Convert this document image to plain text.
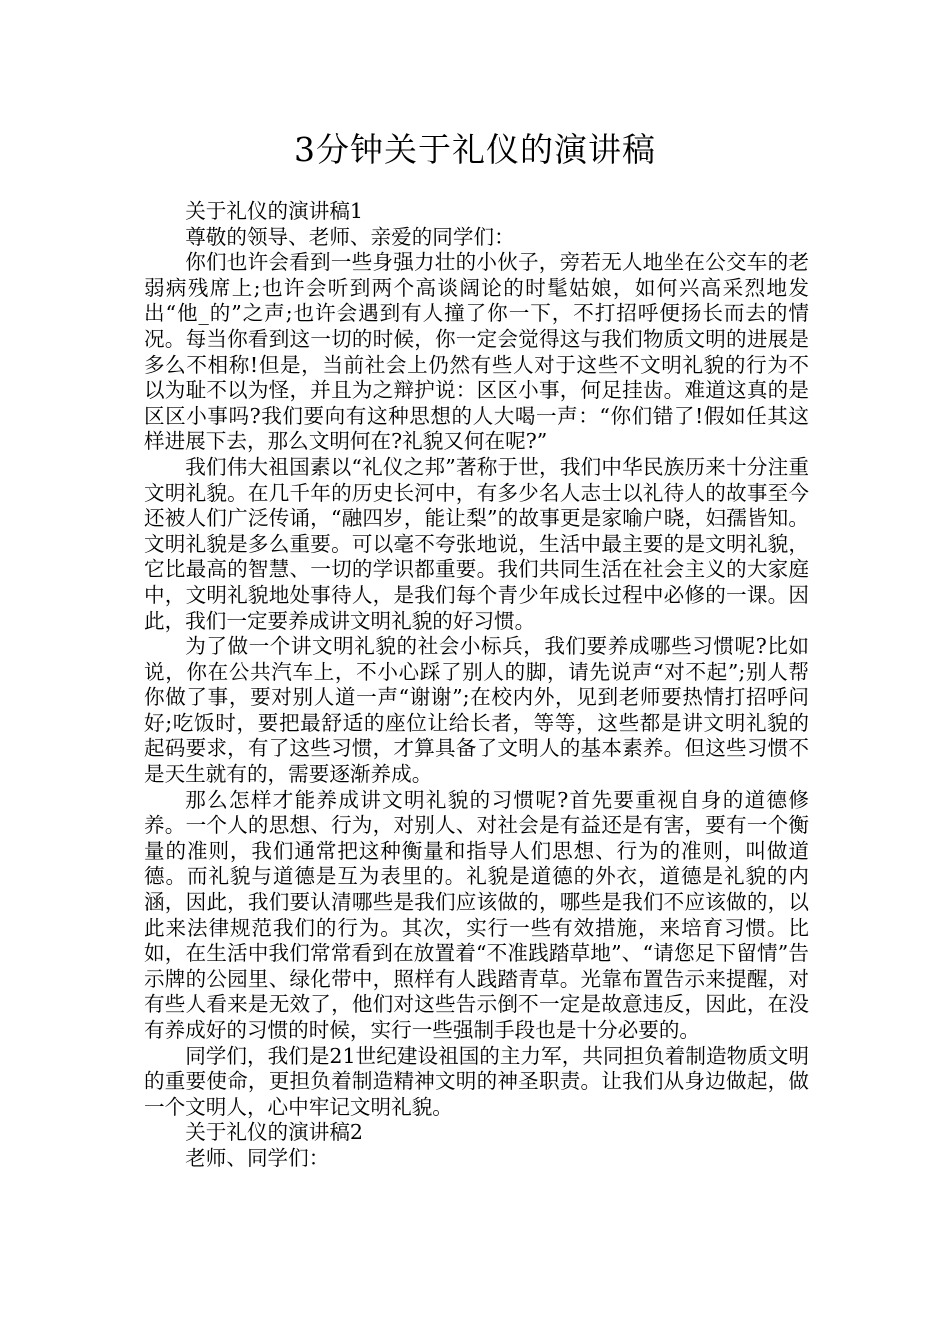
3分钟关于礼仪的演讲稿

关于礼仪的演讲稿1

尊敬的领导、老师、亲爱的同学们：

你们也许会看到一些身强力壮的小伙子，旁若无人地坐在公交车的老弱病残席上;也许会听到两个高谈阔论的时髦姑娘，如何兴高采烈地发出“他_的”之声;也许会遇到有人撞了你一下，不打招呼便扬长而去的情况。每当你看到这一切的时候，你一定会觉得这与我们物质文明的进展是多么不相称!但是，当前社会上仍然有些人对于这些不文明礼貌的行为不以为耻不以为怪，并且为之辩护说：区区小事，何足挂齿。难道这真的是区区小事吗?我们要向有这种思想的人大喝一声：“你们错了!假如任其这样进展下去，那么文明何在?礼貌又何在呢?”

我们伟大祖国素以“礼仪之邦”著称于世，我们中华民族历来十分注重文明礼貌。在几千年的历史长河中，有多少名人志士以礼待人的故事至今还被人们广泛传诵，“融四岁，能让梨”的故事更是家喻户晓，妇孺皆知。文明礼貌是多么重要。可以毫不夸张地说，生活中最主要的是文明礼貌，它比最高的智慧、一切的学识都重要。我们共同生活在社会主义的大家庭中，文明礼貌地处事待人，是我们每个青少年成长过程中必修的一课。因此，我们一定要养成讲文明礼貌的好习惯。

为了做一个讲文明礼貌的社会小标兵，我们要养成哪些习惯呢?比如说，你在公共汽车上，不小心踩了别人的脚，请先说声“对不起”;别人帮你做了事，要对别人道一声“谢谢”;在校内外，见到老师要热情打招呼问好;吃饭时，要把最舒适的座位让给长者，等等，这些都是讲文明礼貌的起码要求，有了这些习惯，才算具备了文明人的基本素养。但这些习惯不是天生就有的，需要逐渐养成。

那么怎样才能养成讲文明礼貌的习惯呢?首先要重视自身的道德修养。一个人的思想、行为，对别人、对社会是有益还是有害，要有一个衡量的准则，我们通常把这种衡量和指导人们思想、行为的准则，叫做道德。而礼貌与道德是互为表里的。礼貌是道德的外衣，道德是礼貌的内涵，因此，我们要认清哪些是我们应该做的，哪些是我们不应该做的，以此来法律规范我们的行为。其次，实行一些有效措施，来培育习惯。比如，在生活中我们常常看到在放置着“不准践踏草地”、“请您足下留情”告示牌的公园里、绿化带中，照样有人践踏青草。光靠布置告示来提醒，对有些人看来是无效了，他们对这些告示倒不一定是故意违反，因此，在没有养成好的习惯的时候，实行一些强制手段也是十分必要的。

同学们，我们是21世纪建设祖国的主力军，共同担负着制造物质文明的重要使命，更担负着制造精神文明的神圣职责。让我们从身边做起，做一个文明人，心中牢记文明礼貌。

关于礼仪的演讲稿2

老师、同学们：
